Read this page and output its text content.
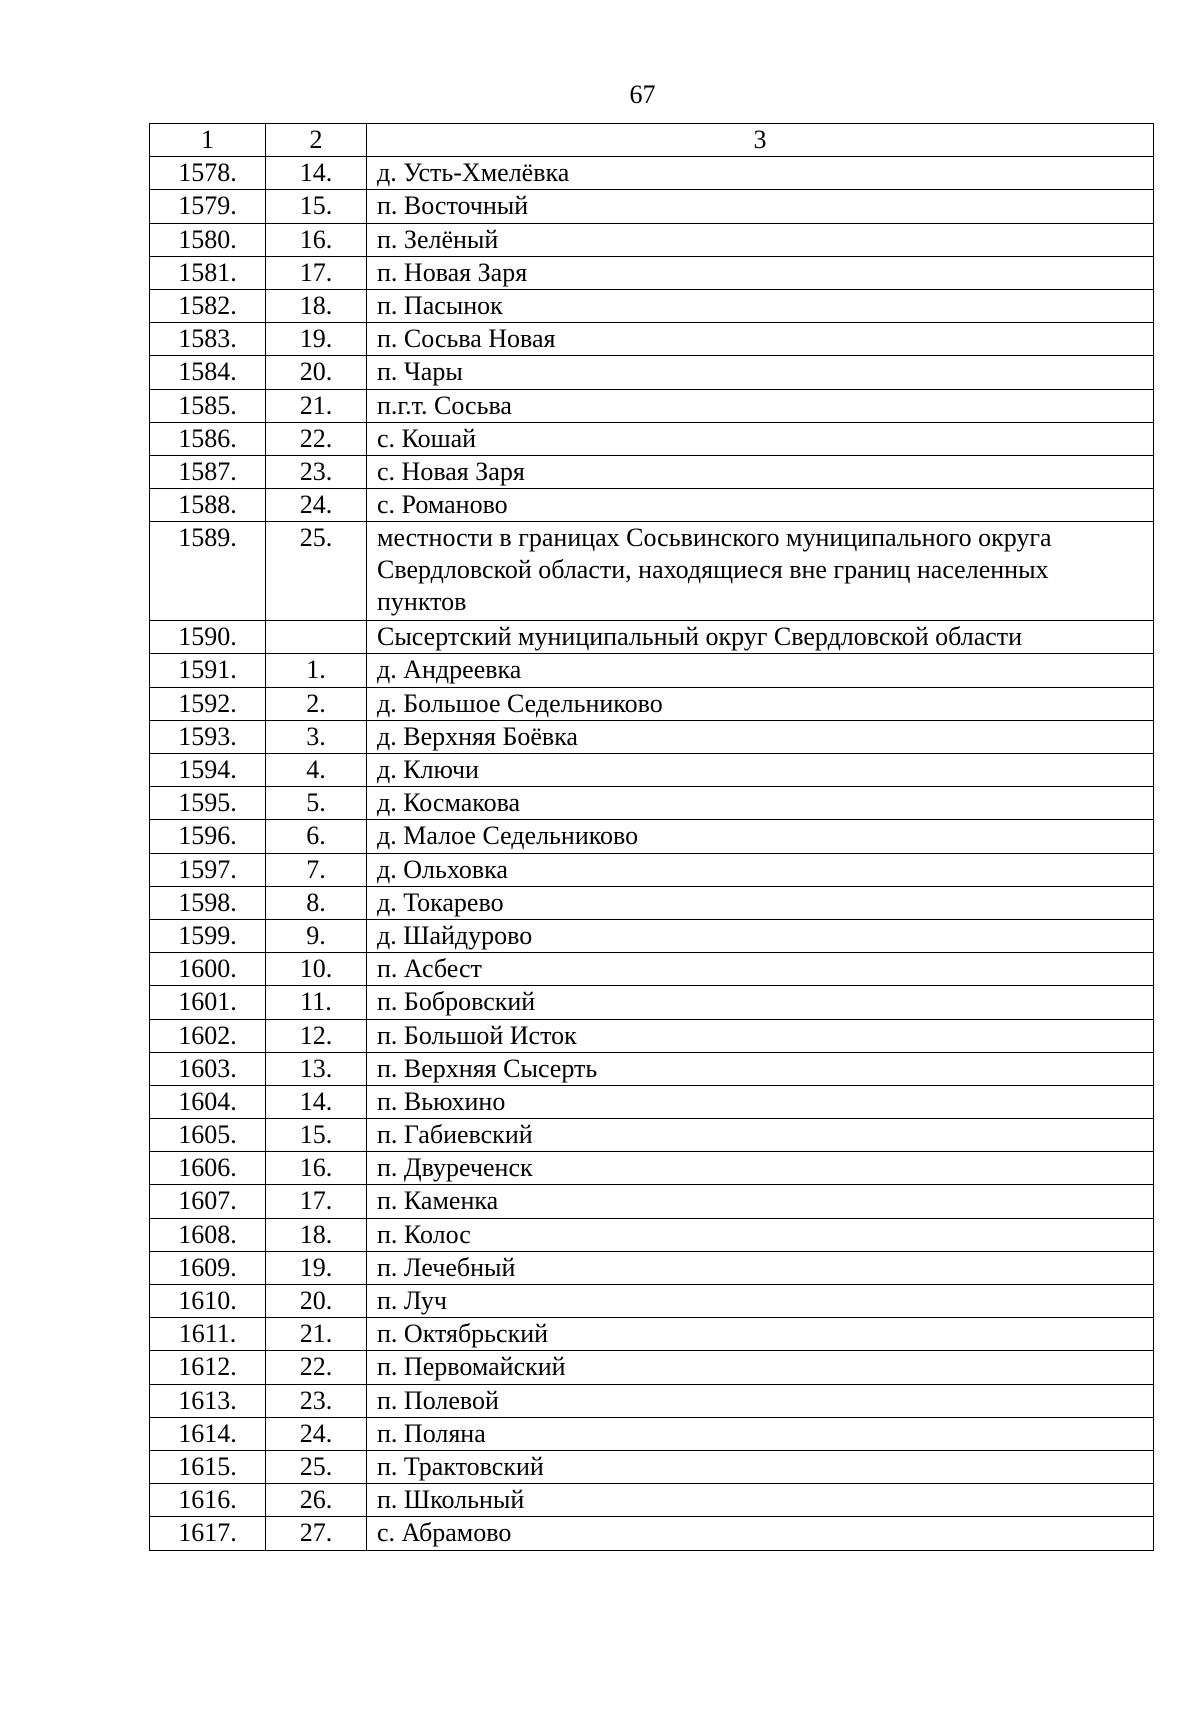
67
1	2	3
1578.	14.	д. Усть-Хмелёвка
1579.	15.	п. Восточный
1580.	16.	п. Зелёный
1581.	17.	п. Новая Заря
1582.	18.	п. Пасынок
1583.	19.	п. Сосьва Новая
1584.	20.	п. Чары
1585.	21.	п.г.т. Сосьва
1586.	22.	с. Кошай
1587.	23.	с. Новая Заря
1588.	24.	с. Романово
1589.	25.	местности в границах Сосьвинского муниципального округа Свердловской области, находящиеся вне границ населенных пунктов
1590.		Сысертский муниципальный округ Свердловской области
1591.	1.	д. Андреевка
1592.	2.	д. Большое Седельниково
1593.	3.	д. Верхняя Боёвка
1594.	4.	д. Ключи
1595.	5.	д. Космакова
1596.	6.	д. Малое Седельниково
1597.	7.	д. Ольховка
1598.	8.	д. Токарево
1599.	9.	д. Шайдурово
1600.	10.	п. Асбест
1601.	11.	п. Бобровский
1602.	12.	п. Большой Исток
1603.	13.	п. Верхняя Сысерть
1604.	14.	п. Вьюхино
1605.	15.	п. Габиевский
1606.	16.	п. Двуреченск
1607.	17.	п. Каменка
1608.	18.	п. Колос
1609.	19.	п. Лечебный
1610.	20.	п. Луч
1611.	21.	п. Октябрьский
1612.	22.	п. Первомайский
1613.	23.	п. Полевой
1614.	24.	п. Поляна
1615.	25.	п. Трактовский
1616.	26.	п. Школьный
1617.	27.	с. Абрамово
